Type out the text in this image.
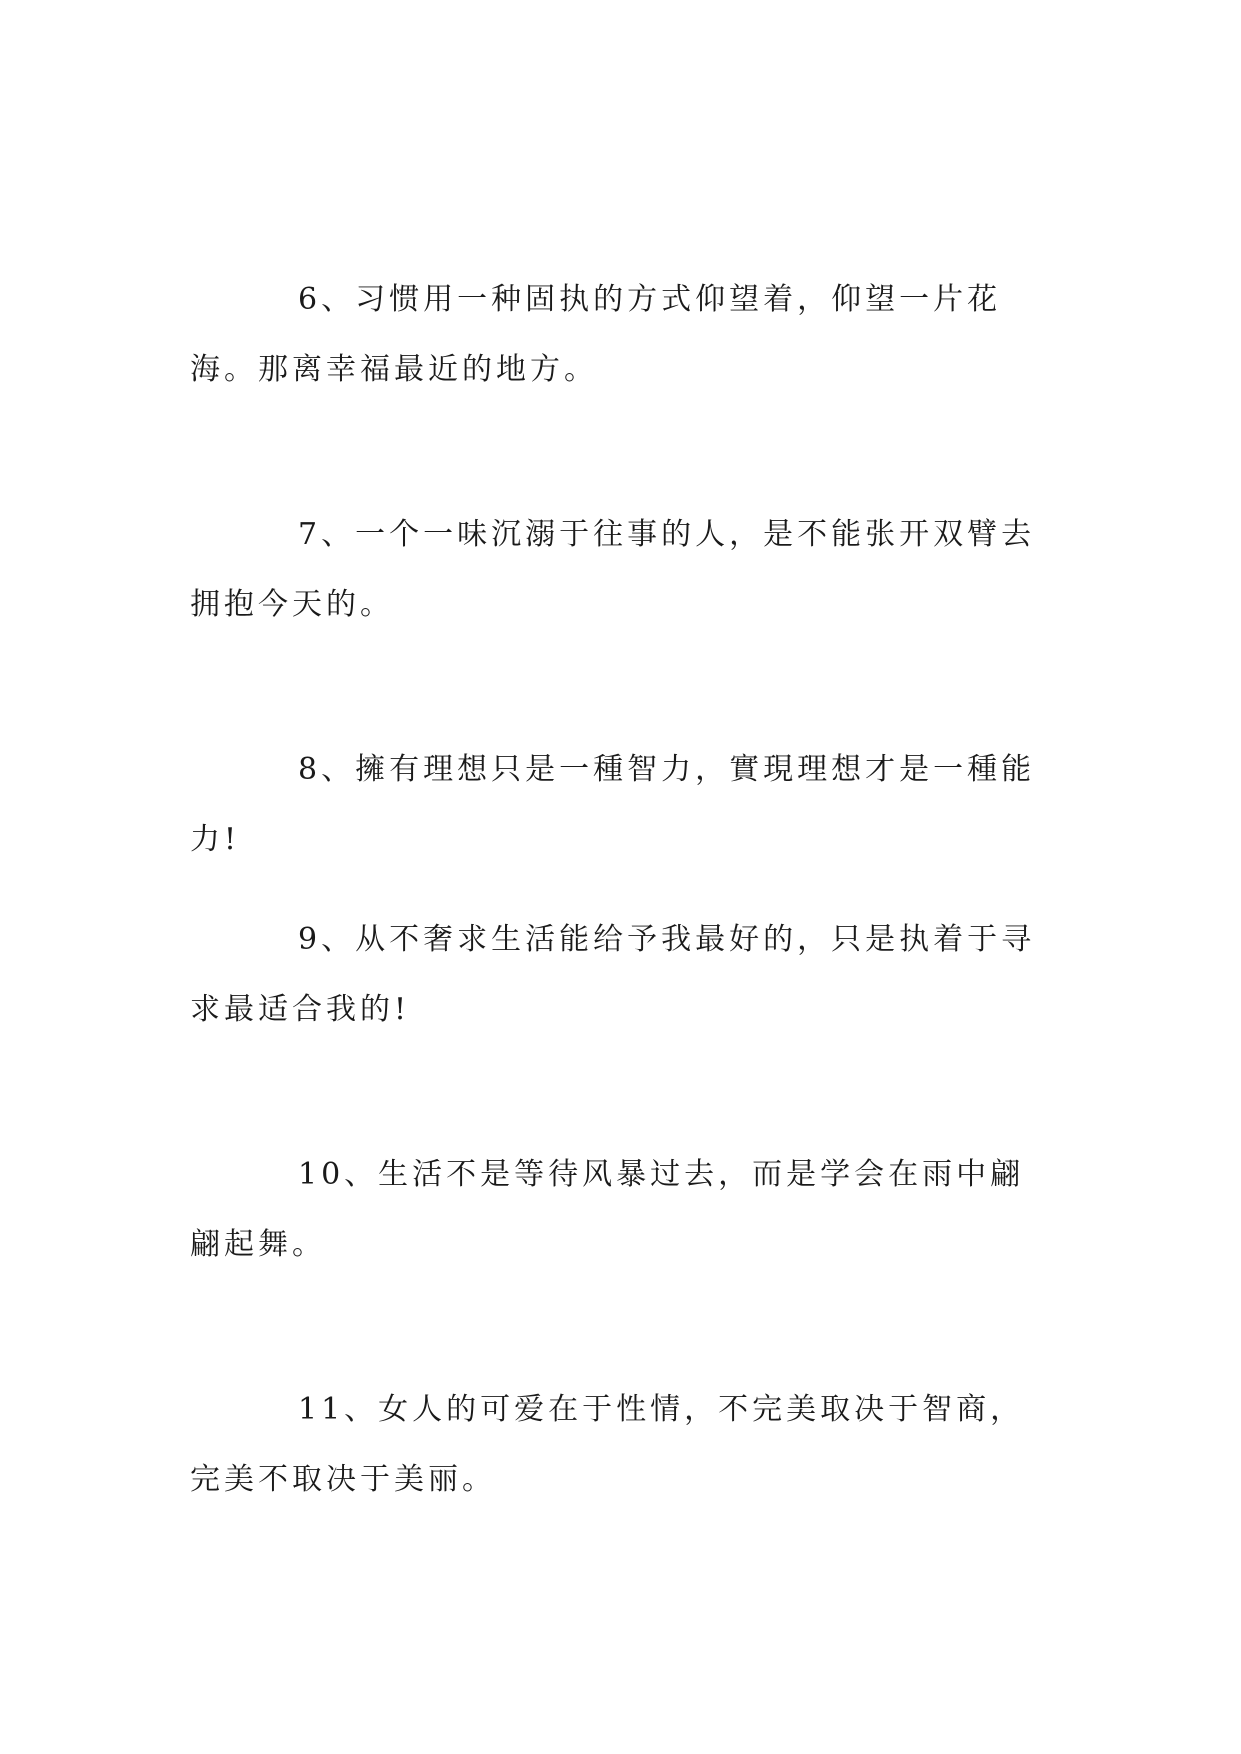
6、习惯用一种固执的方式仰望着，仰望一片花海。那离幸福最近的地方。

7、一个一味沉溺于往事的人，是不能张开双臂去拥抱今天的。

8、擁有理想只是一種智力，實現理想才是一種能力!

9、从不奢求生活能给予我最好的，只是执着于寻求最适合我的!

10、生活不是等待风暴过去，而是学会在雨中翩翩起舞。

11、女人的可爱在于性情，不完美取决于智商，完美不取决于美丽。
